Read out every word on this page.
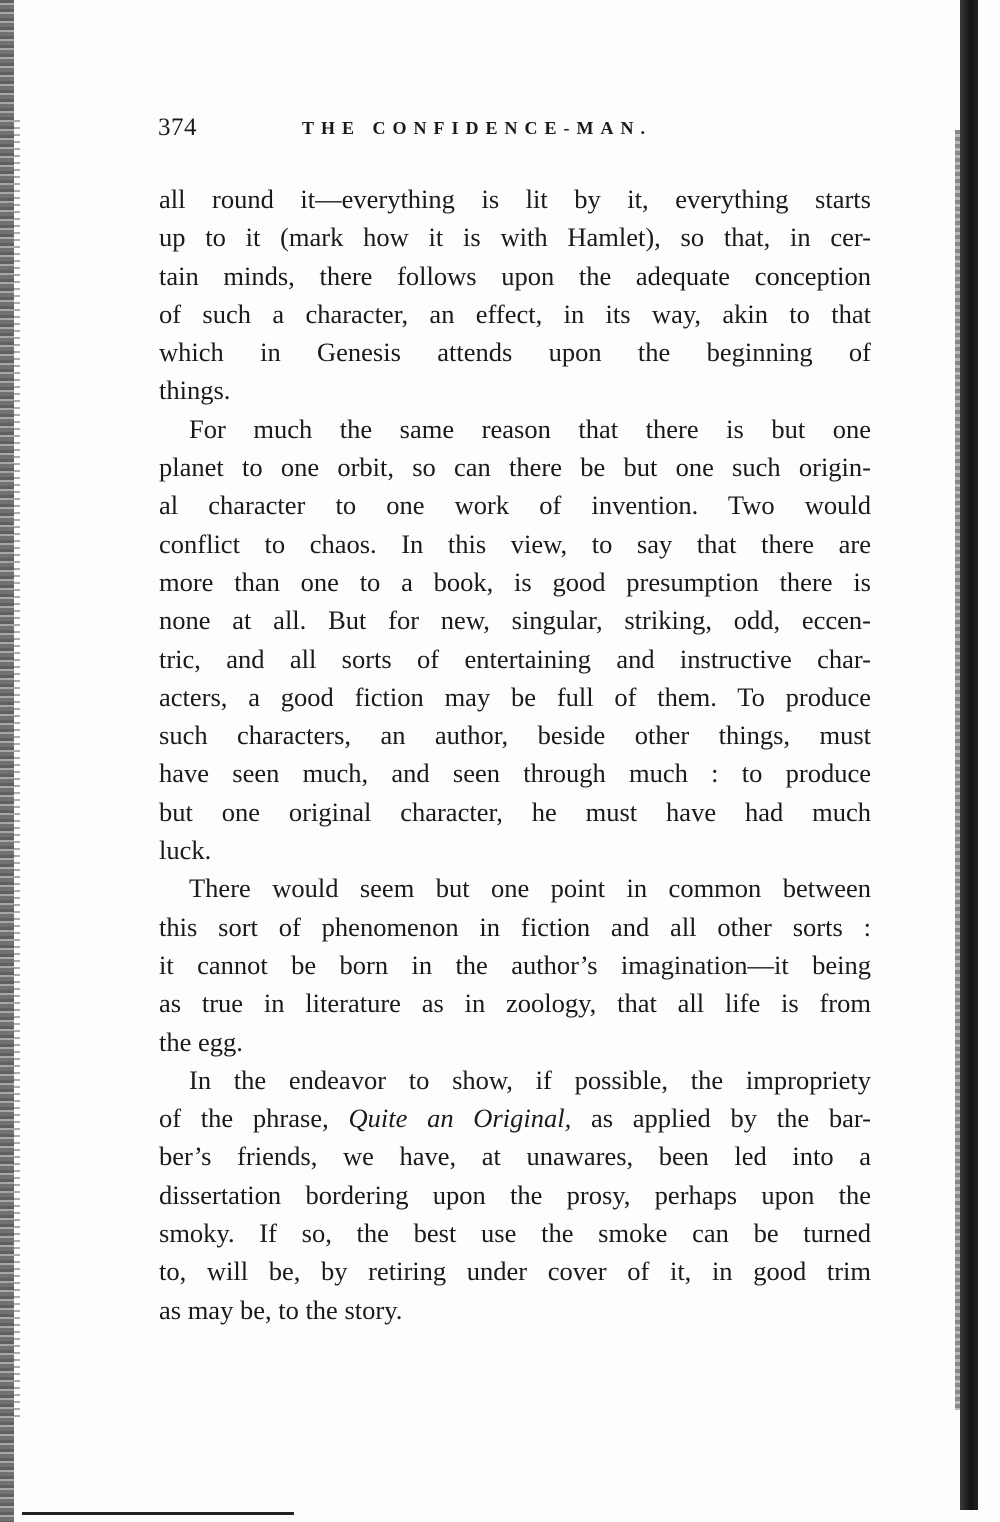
374	THE CONFIDENCE-MAN.

all round it—everything is lit by it, everything starts
up to it (mark how it is with Hamlet), so that, in cer-
tain minds, there follows upon the adequate conception
of such a character, an effect, in its way, akin to that
which in Genesis attends upon the beginning of
things.

For much the same reason that there is but one
planet to one orbit, so can there be but one such origin-
al character to one work of invention. Two would
conflict to chaos. In this view, to say that there are
more than one to a book, is good presumption there is
none at all. But for new, singular, striking, odd, eccen-
tric, and all sorts of entertaining and instructive char-
acters, a good fiction may be full of them. To produce
such characters, an author, beside other things, must
have seen much, and seen through much : to produce
but one original character, he must have had much
luck.

There would seem but one point in common between
this sort of phenomenon in fiction and all other sorts :
it cannot be born in the author’s imagination—it being
as true in literature as in zoology, that all life is from
the egg.

In the endeavor to show, if possible, the impropriety
of the phrase, Quite an Original, as applied by the bar-
ber’s friends, we have, at unawares, been led into a
dissertation bordering upon the prosy, perhaps upon the
smoky. If so, the best use the smoke can be turned
to, will be, by retiring under cover of it, in good trim
as may be, to the story.
